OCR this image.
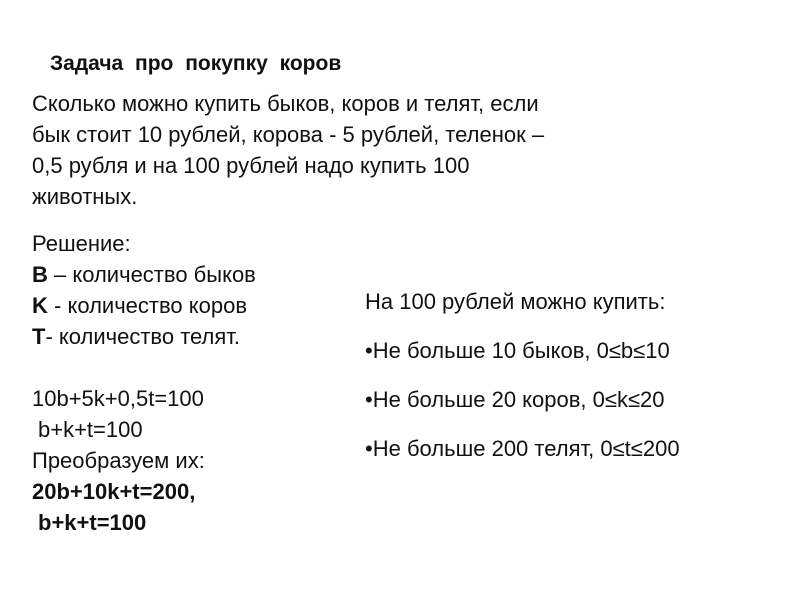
Задача про покупку коров
Сколько можно купить быков, коров и телят, если
бык стоит 10 рублей, корова - 5 рублей, теленок –
0,5 рубля и на 100 рублей надо купить 100
животных.
Решение:
B – количество быков
K - количество коров
T- количество телят.
10b+5k+0,5t=100
b+k+t=100
Преобразуем их:
20b+10k+t=200,
b+k+t=100
На 100 рублей можно купить:
•Не больше 10 быков, 0≤b≤10
•Не больше 20 коров, 0≤k≤20
•Не больше 200 телят, 0≤t≤200
